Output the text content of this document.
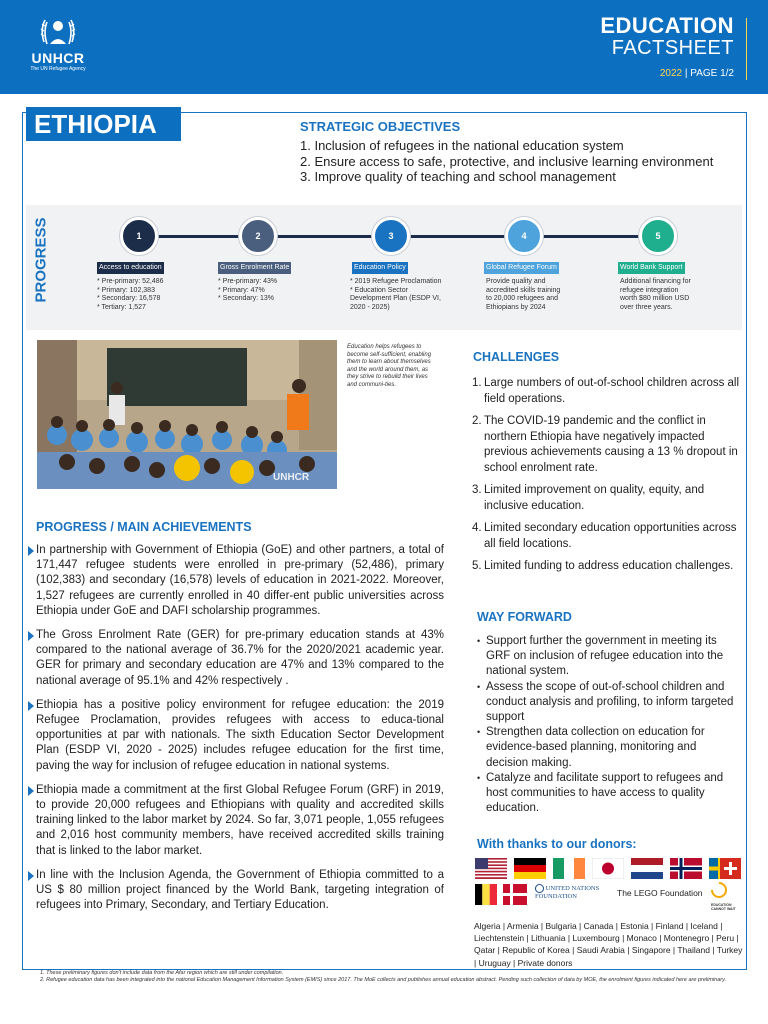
UNHCR
The UN Refugee Agency
EDUCATION
FACTSHEET
2022 | PAGE 1/2
ETHIOPIA	STRATEGIC OBJECTIVES
1. Inclusion of refugees in the national education system
2. Ensure access to safe, protective, and inclusive learning environment
3. Improve quality of teaching and school management
PROGRESS	1
Access to education
* Pre-primary: 52,486
* Primary: 102,383
* Secondary: 16,578
* Tertiary: 1,527
2
Gross Enrolment Rate
* Pre-primary: 43%
* Primary: 47%
* Secondary: 13%
3
Education Policy
* 2019 Refugee Proclamation
* Education Sector
Development Plan (ESDP VI,
2020 - 2025)
4
Global Refugee Forum
Provide quality and
accredited skills training
to 20,000 refugees and
Ethiopians by 2024
5
World Bank Support
Additional financing for
refugee integration
worth $80 million USD
over three years.
UNHCR
Education helps refugees to become self-sufficient, enabling them to learn about themselves and the world around them, as they strive to rebuild their lives and communi-ties.
PROGRESS / MAIN ACHIEVEMENTS
In partnership with Government of Ethiopia (GoE) and other partners, a total of 171,447 refugee students were enrolled in pre-primary (52,486), primary (102,383) and secondary (16,578) levels of education in 2021-2022. Moreover, 1,527 refugees are currently enrolled in 40 differ-ent public universities across Ethiopia under GoE and DAFI scholarship programmes.
The Gross Enrolment Rate (GER) for pre-primary education stands at 43% compared to the national average of 36.7% for the 2020/2021 academic year. GER for primary and secondary education are 47% and 13% compared to the national average of 95.1% and 42% respectively .
Ethiopia has a positive policy environment for refugee education: the 2019 Refugee Proclamation, provides refugees with access to educa-tional opportunities at par with nationals. The sixth Education Sector Development Plan (ESDP VI, 2020 - 2025) includes refugee education for the first time, paving the way for inclusion of refugee education in national systems.
Ethiopia made a commitment at the first Global Refugee Forum (GRF) in 2019, to provide 20,000 refugees and Ethiopians with quality and accredited skills training linked to the labor market by 2024. So far, 3,071 people, 1,055 refugees and 2,016 host community members, have received accredited skills training that is linked to the labor market.
In line with the Inclusion Agenda, the Government of Ethiopia committed to a US $ 80 million project financed by the World Bank, targeting integration of refugees into Primary, Secondary, and Tertiary Education.
CHALLENGES
1. Large numbers of out-of-school children across all field operations.
2. The COVID-19 pandemic and the conflict in northern Ethiopia have negatively impacted previous achievements causing a 13 % dropout in school enrolment rate.
3. Limited improvement on quality, equity, and inclusive education.
4. Limited secondary education opportunities across all field locations.
5. Limited funding to address education challenges.
WAY FORWARD
• Support further the government in meeting its GRF on inclusion of refugee education into the national system.
• Assess the scope of out-of-school children and conduct analysis and profiling, to inform targeted support
• Strengthen data collection on education for evidence-based planning, monitoring and decision making.
• Catalyze and facilitate support to refugees and host communities to have access to quality education.
With thanks to our donors:
UNITED NATIONS FOUNDATION	The LEGO Foundation
EDUCATION CANNOT WAIT
Algeria | Armenia | Bulgaria | Canada | Estonia | Finland | Iceland | Liechtenstein | Lithuania | Luxembourg | Monaco | Montenegro | Peru | Qatar | Republic of Korea | Saudi Arabia | Singapore | Thailand | Turkey | Uruguay | Private donors
1. These preliminary figures don't include data from the Afar region which are still under compilation.
2. Refugee education data has been integrated into the national Education Management Information System (EMIS) since 2017. The MoE collects and publishes annual education abstract. Pending such collection of data by MOE, the enrolment figures indicated here are preliminary.
